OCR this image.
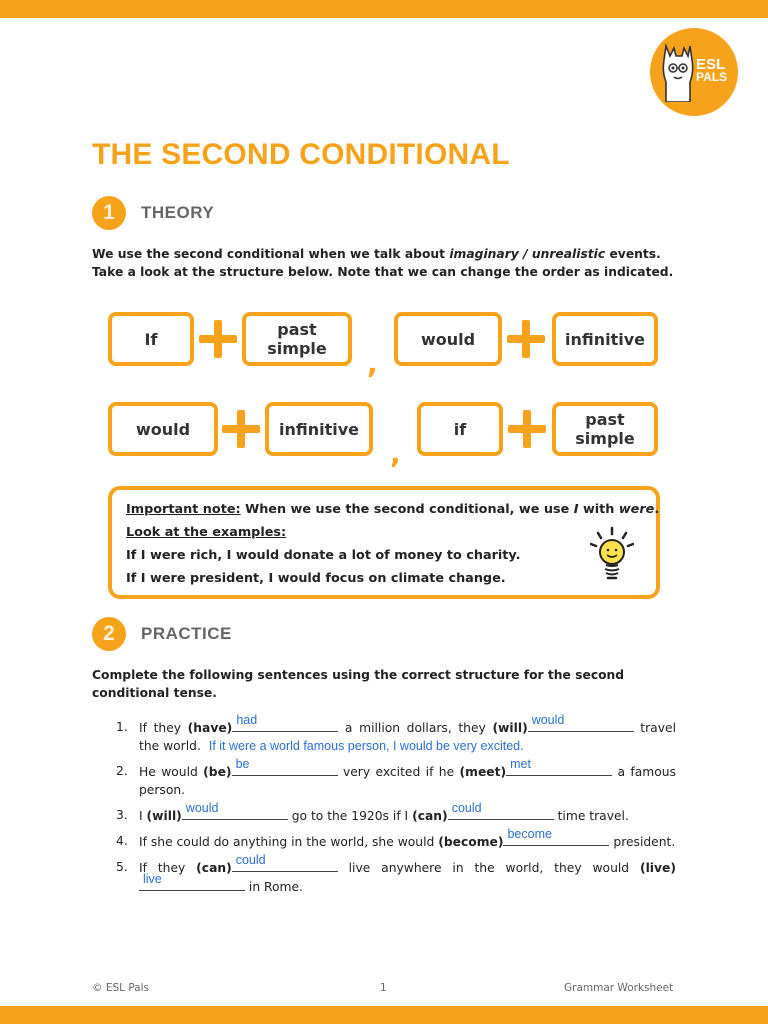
ESL
PALS
THE SECOND CONDITIONAL
1	THEORY

We use the second conditional when we talk about imaginary / unrealistic events. Take a look at the structure below. Note that we can change the order as indicated.

If	past simple	,
would	infinitive
would	infinitive
,
if	past simple
Important note: When we use the second conditional, we use I with were.
Look at the examples:
If I were rich, I would donate a lot of money to charity.
If I were president, I would focus on climate change.
2	PRACTICE

Complete the following sentences using the correct structure for the second conditional tense.

1. If they (have)
had
a million dollars, they (will)
would
travel the world. If it were a world famous person, I would be very excited.
2. He would (be)
be
very excited if he (meet)
met
a famous person.
3. I (will)
would
go to the 1920s if I (can)
could
time travel.
4. If she could do anything in the world, she would (become)
become
president.
5. If they (can)
could
live anywhere in the world, they would (live)
live
in Rome.
© ESL Pals	1	Grammar Worksheet
